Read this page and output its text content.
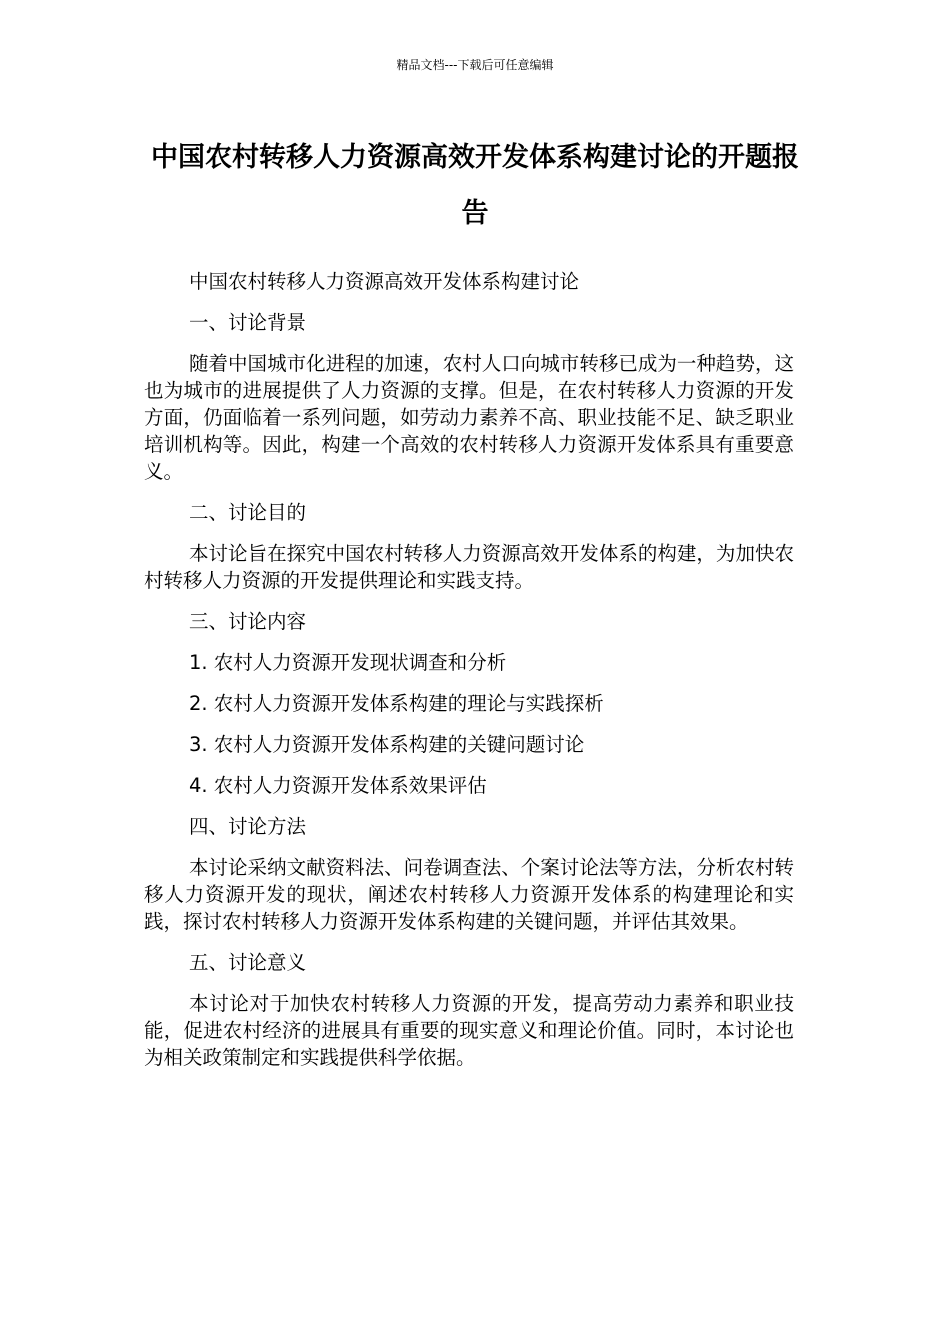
精品文档---下载后可任意编辑
中国农村转移人力资源高效开发体系构建讨论的开题报告

中国农村转移人力资源高效开发体系构建讨论

一、讨论背景

随着中国城市化进程的加速，农村人口向城市转移已成为一种趋势，这也为城市的进展提供了人力资源的支撑。但是，在农村转移人力资源的开发方面，仍面临着一系列问题，如劳动力素养不高、职业技能不足、缺乏职业培训机构等。因此，构建一个高效的农村转移人力资源开发体系具有重要意义。

二、讨论目的

本讨论旨在探究中国农村转移人力资源高效开发体系的构建，为加快农村转移人力资源的开发提供理论和实践支持。

三、讨论内容

1. 农村人力资源开发现状调查和分析

2. 农村人力资源开发体系构建的理论与实践探析

3. 农村人力资源开发体系构建的关键问题讨论

4. 农村人力资源开发体系效果评估

四、讨论方法

本讨论采纳文献资料法、问卷调查法、个案讨论法等方法，分析农村转移人力资源开发的现状，阐述农村转移人力资源开发体系的构建理论和实践，探讨农村转移人力资源开发体系构建的关键问题，并评估其效果。

五、讨论意义

本讨论对于加快农村转移人力资源的开发，提高劳动力素养和职业技能，促进农村经济的进展具有重要的现实意义和理论价值。同时，本讨论也为相关政策制定和实践提供科学依据。
